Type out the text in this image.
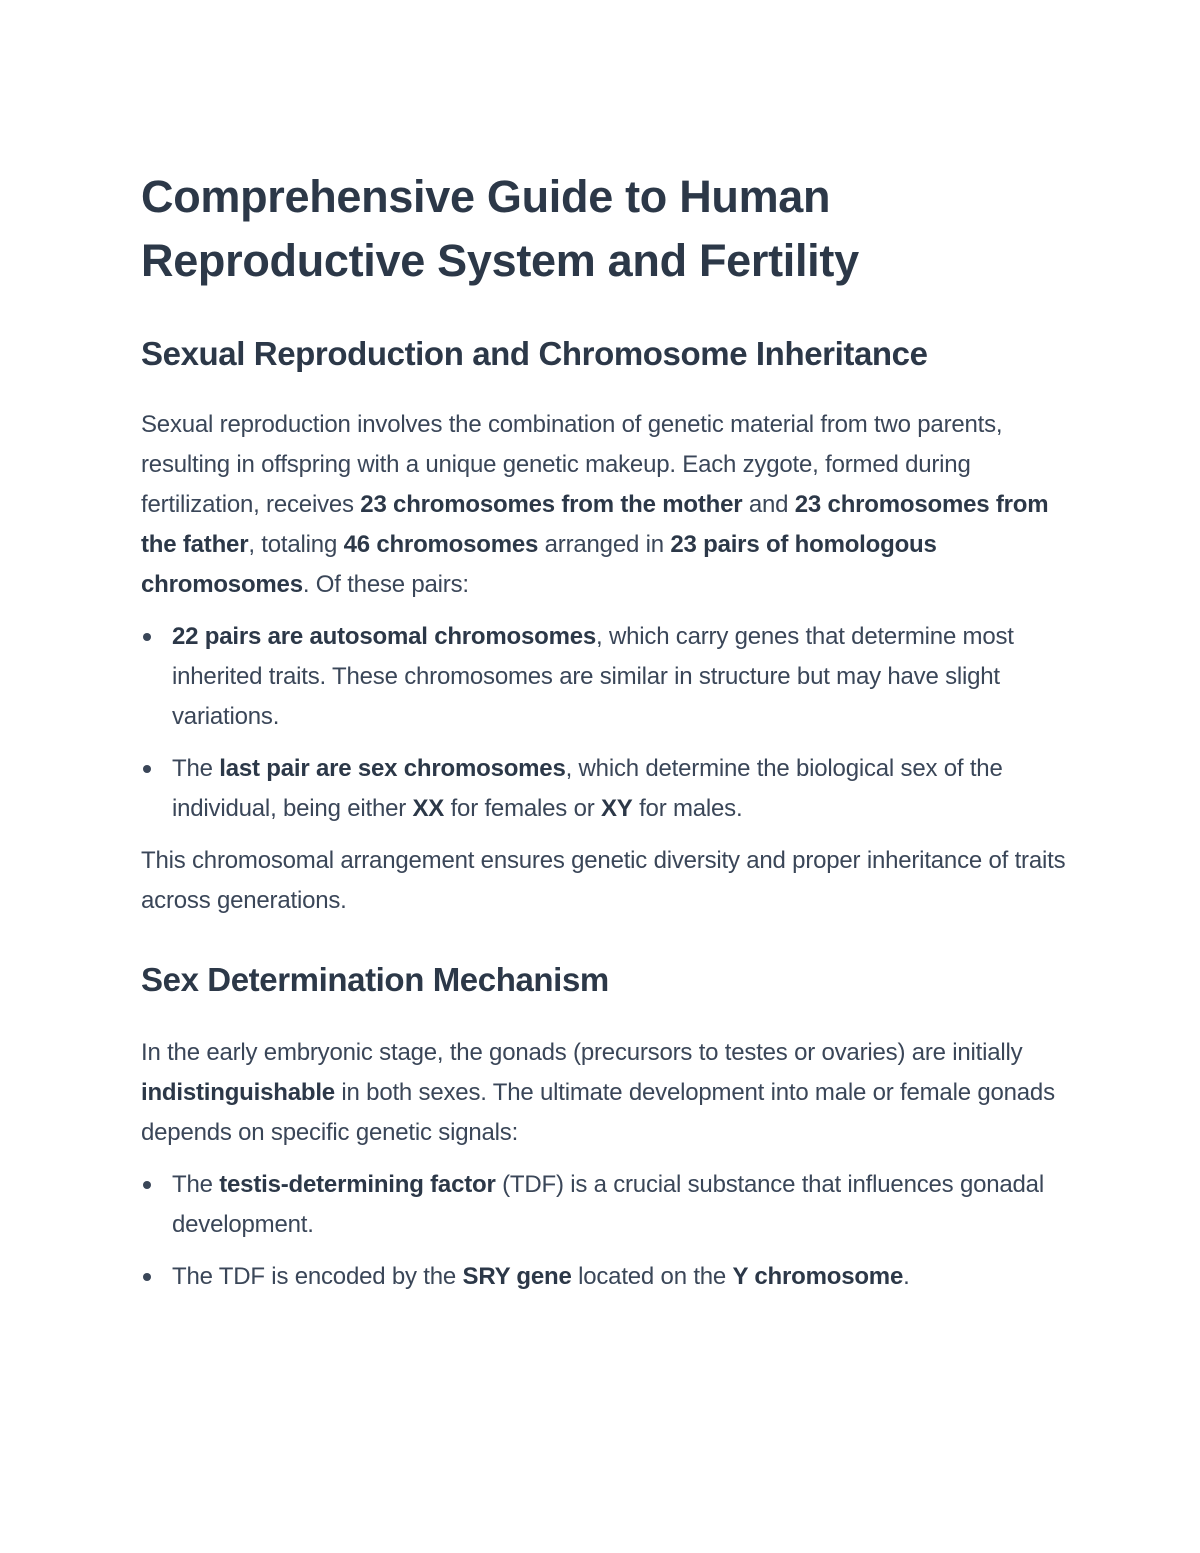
Comprehensive Guide to Human Reproductive System and Fertility
Sexual Reproduction and Chromosome Inheritance

Sexual reproduction involves the combination of genetic material from two parents, resulting in offspring with a unique genetic makeup. Each zygote, formed during fertilization, receives 23 chromosomes from the mother and 23 chromosomes from the father, totaling 46 chromosomes arranged in 23 pairs of homologous chromosomes. Of these pairs:

22 pairs are autosomal chromosomes, which carry genes that determine most inherited traits. These chromosomes are similar in structure but may have slight variations.
The last pair are sex chromosomes, which determine the biological sex of the individual, being either XX for females or XY for males.

This chromosomal arrangement ensures genetic diversity and proper inheritance of traits across generations.

Sex Determination Mechanism

In the early embryonic stage, the gonads (precursors to testes or ovaries) are initially indistinguishable in both sexes. The ultimate development into male or female gonads depends on specific genetic signals:

The testis-determining factor (TDF) is a crucial substance that influences gonadal development.
The TDF is encoded by the SRY gene located on the Y chromosome.
